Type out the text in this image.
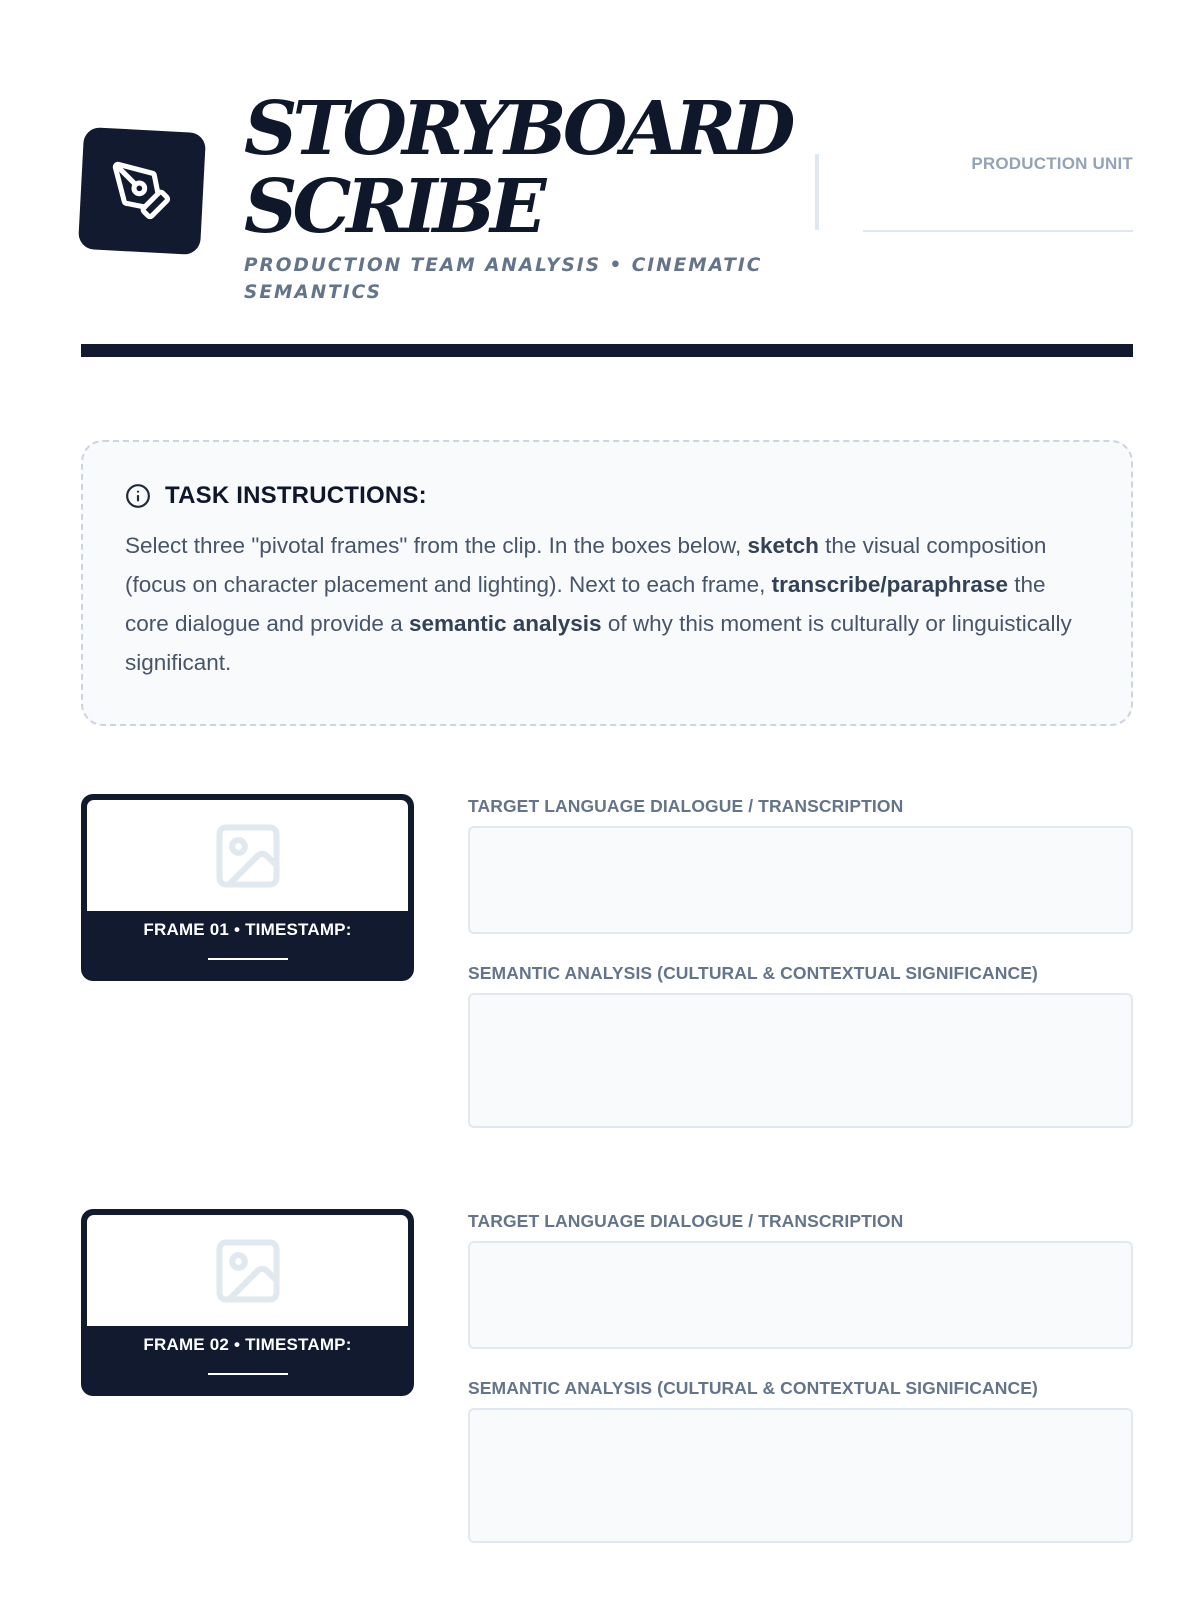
STORYBOARD SCRIBE
PRODUCTION TEAM ANALYSIS • CINEMATIC SEMANTICS
PRODUCTION UNIT
TASK INSTRUCTIONS:

Select three "pivotal frames" from the clip. In the boxes below, sketch the visual composition (focus on character placement and lighting). Next to each frame, transcribe/paraphrase the core dialogue and provide a semantic analysis of why this moment is culturally or linguistically significant.

FRAME 01 • TIMESTAMP:
TARGET LANGUAGE DIALOGUE / TRANSCRIPTION
SEMANTIC ANALYSIS (CULTURAL & CONTEXTUAL SIGNIFICANCE)
FRAME 02 • TIMESTAMP:
TARGET LANGUAGE DIALOGUE / TRANSCRIPTION
SEMANTIC ANALYSIS (CULTURAL & CONTEXTUAL SIGNIFICANCE)
